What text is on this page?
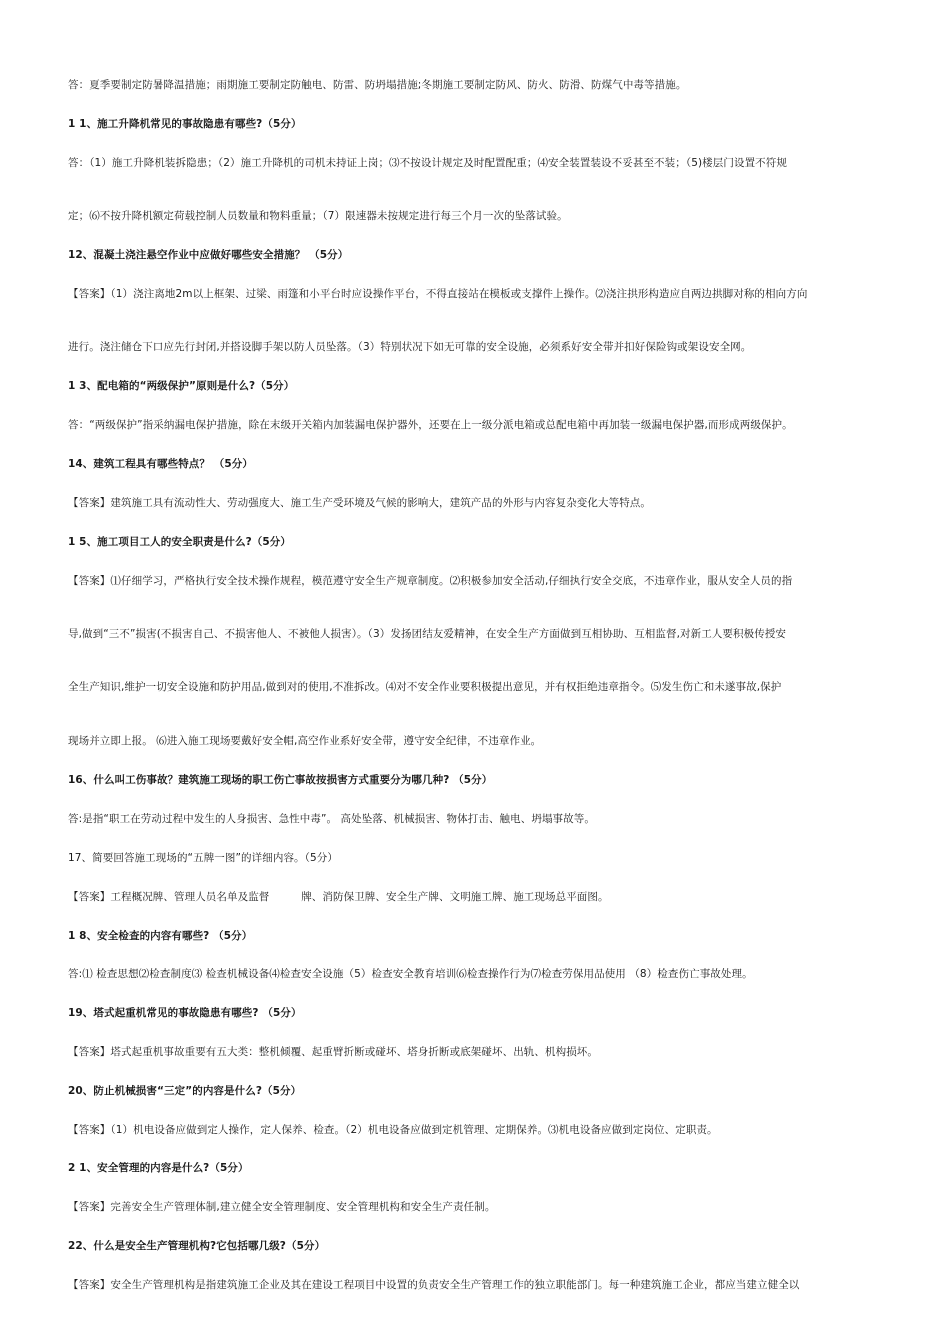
答：夏季要制定防暑降温措施；雨期施工要制定防触电、防雷、防坍塌措施;冬期施工要制定防风、防火、防滑、防煤气中毒等措施。
1 1、施工升降机常见的事故隐患有哪些?（5分）
答：（1）施工升降机装拆隐患；（2）施工升降机的司机未持证上岗；⑶不按设计规定及时配置配重；⑷安全装置装设不妥甚至不装；（5)楼层门设置不符规
定；⑹不按升降机额定荷载控制人员数量和物料重量；（7）限速器未按规定进行每三个月一次的坠落试验。
12、混凝土浇注悬空作业中应做好哪些安全措施？ （5分）
【答案】（1）浇注离地2m以上框架、过梁、雨篷和小平台时应设操作平台，不得直接站在模板或支撑件上操作。⑵浇注拱形构造应自两边拱脚对称的相向方向
进行。浇注储仓下口应先行封闭,并搭设脚手架以防人员坠落。（3）特别状况下如无可靠的安全设施，必须系好安全带并扣好保险钩或架设安全网。
1 3、配电箱的“两级保护”原则是什么?（5分）
答：“两级保护”指采纳漏电保护措施，除在末级开关箱内加装漏电保护器外，还要在上一级分派电箱或总配电箱中再加装一级漏电保护器,而形成两级保护。
14、建筑工程具有哪些特点？ （5分）
【答案】建筑施工具有流动性大、劳动强度大、施工生产受环境及气候的影响大，建筑产品的外形与内容复杂变化大等特点。
1 5、施工项目工人的安全职责是什么?（5分）
【答案】⑴仔细学习，严格执行安全技术操作规程，模范遵守安全生产规章制度。⑵积极参加安全活动,仔细执行安全交底，不违章作业，服从安全人员的指
导,做到“三不”损害(不损害自己、不损害他人、不被他人损害）。（3）发扬团结友爱精神，在安全生产方面做到互相协助、互相监督,对新工人要积极传授安
全生产知识,维护一切安全设施和防护用品,做到对的使用,不准拆改。⑷对不安全作业要积极提出意见，并有权拒绝违章指令。⑸发生伤亡和未遂事故,保护
现场并立即上报。 ⑹进入施工现场要戴好安全帽,高空作业系好安全带，遵守安全纪律，不违章作业。
16、什么叫工伤事故？建筑施工现场的职工伤亡事故按损害方式重要分为哪几种? （5分）
答:是指“职工在劳动过程中发生的人身损害、急性中毒”。 高处坠落、机械损害、物体打击、触电、坍塌事故等。
17、简要回答施工现场的“五牌一图”的详细内容。（5分）
【答案】工程概况牌、管理人员名单及监督　　　牌、消防保卫牌、安全生产牌、文明施工牌、施工现场总平面图。
1 8、安全检查的内容有哪些? （5分）
答:⑴ 检查思想⑵检查制度⑶ 检查机械设备⑷检查安全设施（5）检查安全教育培训⑹检查操作行为⑺检查劳保用品使用 （8）检查伤亡事故处理。
19、塔式起重机常见的事故隐患有哪些? （5分）
【答案】塔式起重机事故重要有五大类：整机倾覆、起重臂折断或碰坏、塔身折断或底架碰坏、出轨、机构损坏。
20、防止机械损害“三定”的内容是什么?（5分）
【答案】（1）机电设备应做到定人操作，定人保养、检查。（2）机电设备应做到定机管理、定期保养。⑶机电设备应做到定岗位、定职责。
2 1、安全管理的内容是什么?（5分）
【答案】完善安全生产管理体制,建立健全安全管理制度、安全管理机构和安全生产责任制。
22、什么是安全生产管理机构?它包括哪几级?（5分）
【答案】安全生产管理机构是指建筑施工企业及其在建设工程项目中设置的负责安全生产管理工作的独立职能部门。每一种建筑施工企业，都应当建立健全以
